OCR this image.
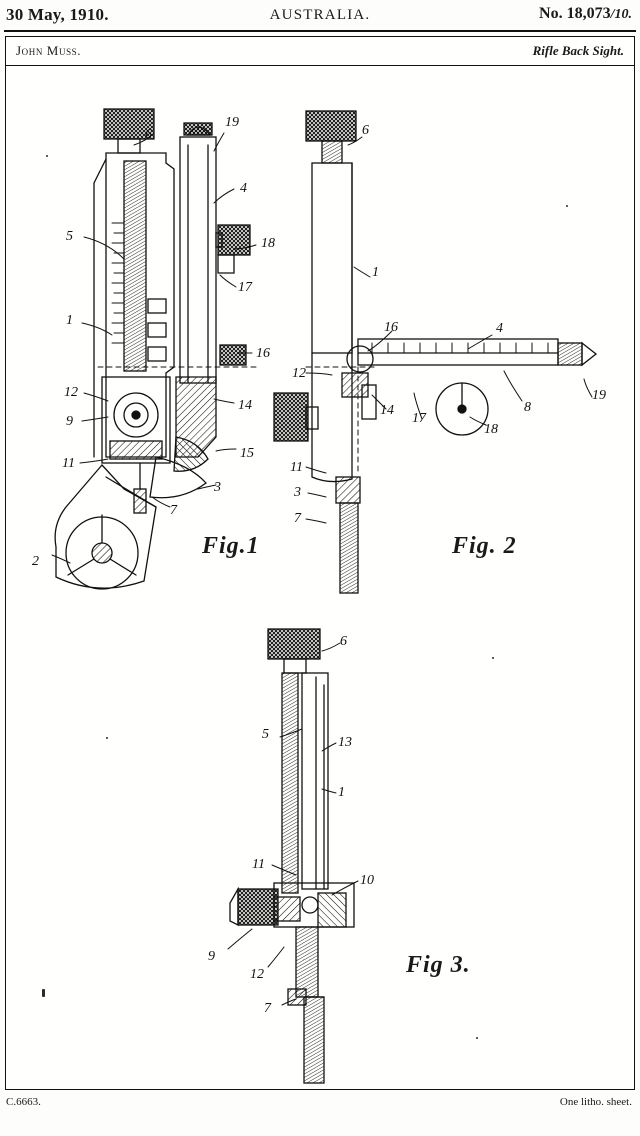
30 May, 1910.	AUSTRALIA.	No. 18,073/10.
John Muss.	Rifle Back Sight.
Fig.1	Fig. 2
Fig 3.
6
19
4
5	18
17
1
16
12
14
9
15
11
3
7
2
6
1
16	4
12
8
19
14
17
18
11
3
7
6
5
13
1
11
10
9
12
7
C.6663.	One litho. sheet.
